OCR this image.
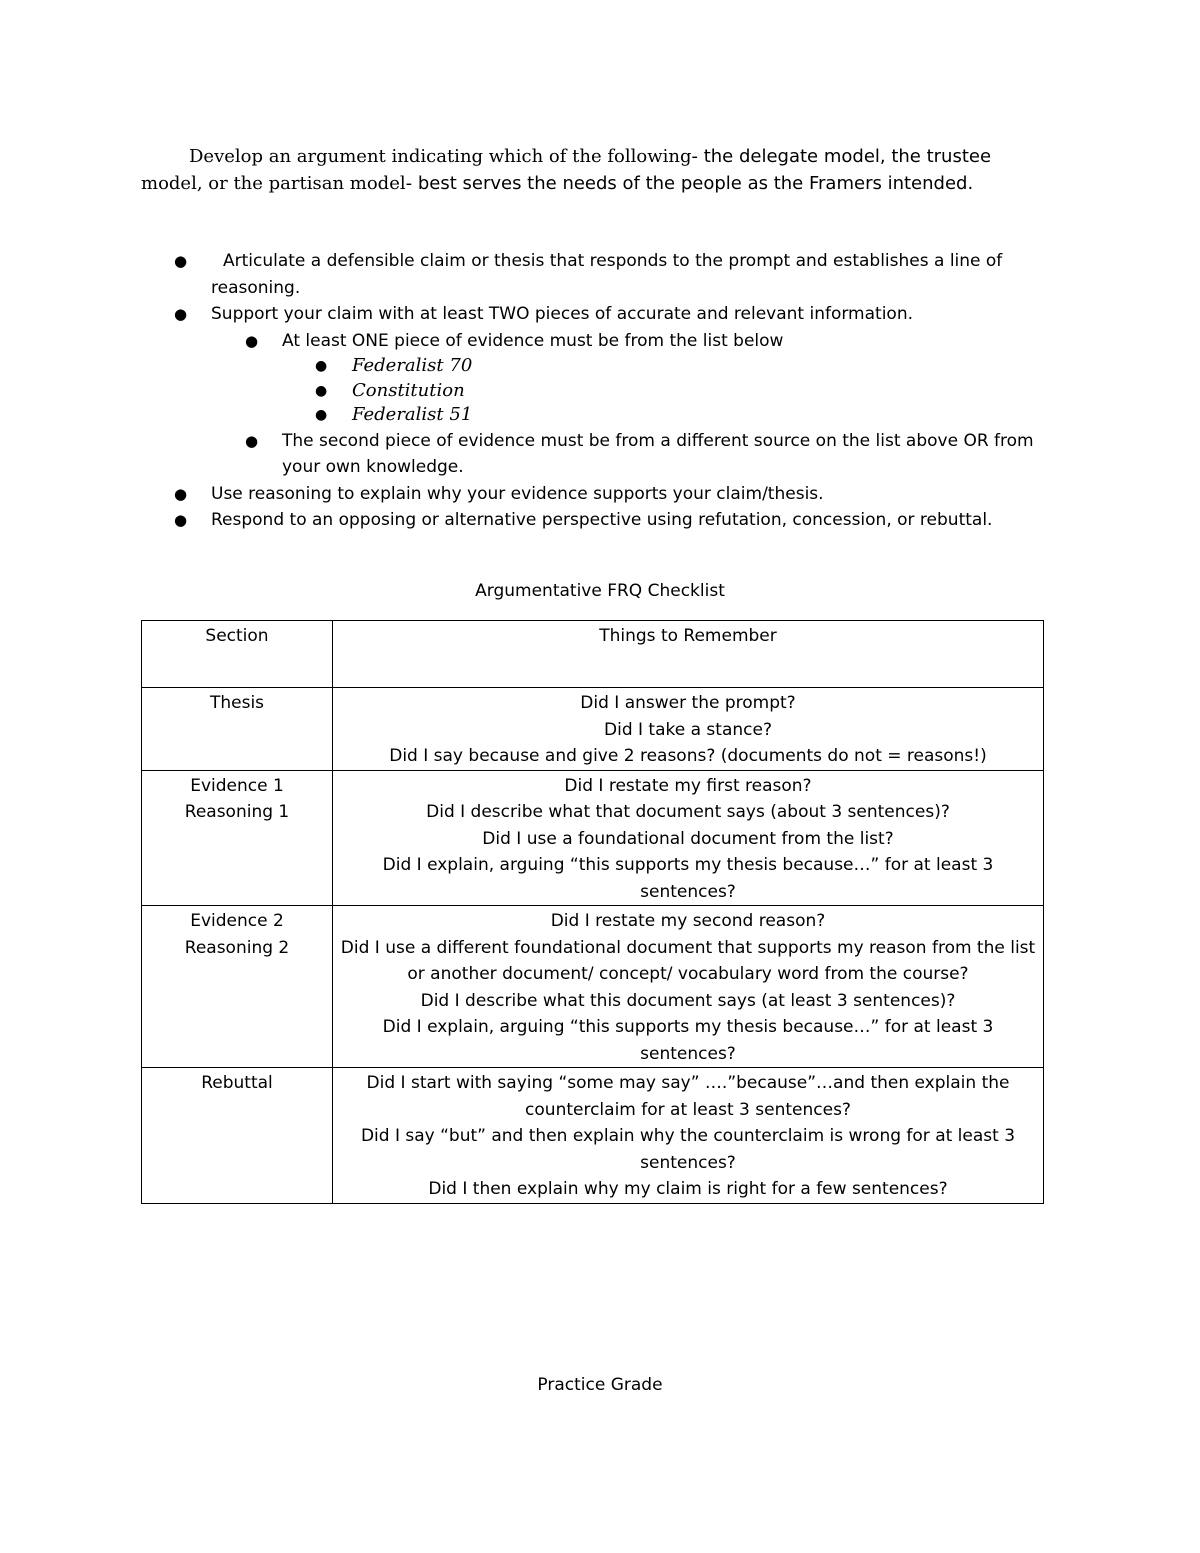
Develop an argument indicating which of the following- the delegate model, the trustee
model, or the partisan model- best serves the needs of the people as the Framers intended.
● Articulate a defensible claim or thesis that responds to the prompt and establishes a line of reasoning.
● Support your claim with at least TWO pieces of accurate and relevant information.
● At least ONE piece of evidence must be from the list below
● Federalist 70
● Constitution
● Federalist 51
● The second piece of evidence must be from a different source on the list above OR from your own knowledge.
● Use reasoning to explain why your evidence supports your claim/thesis.
● Respond to an opposing or alternative perspective using refutation, concession, or rebuttal.
Argumentative FRQ Checklist
Section	Things to Remember

Thesis	Did I answer the prompt?
Did I take a stance?
Did I say because and give 2 reasons? (documents do not = reasons!)

Evidence 1
Reasoning 1	Did I restate my first reason?
Did I describe what that document says (about 3 sentences)?
Did I use a foundational document from the list?
Did I explain, arguing “this supports my thesis because…” for at least 3 sentences?

Evidence 2
Reasoning 2	Did I restate my second reason?
Did I use a different foundational document that supports my reason from the list or another document/ concept/ vocabulary word from the course?
Did I describe what this document says (at least 3 sentences)?
Did I explain, arguing “this supports my thesis because…” for at least 3 sentences?

Rebuttal	Did I start with saying “some may say” ….”because”…and then explain the counterclaim for at least 3 sentences?
Did I say “but” and then explain why the counterclaim is wrong for at least 3 sentences?
Did I then explain why my claim is right for a few sentences?
Practice Grade
